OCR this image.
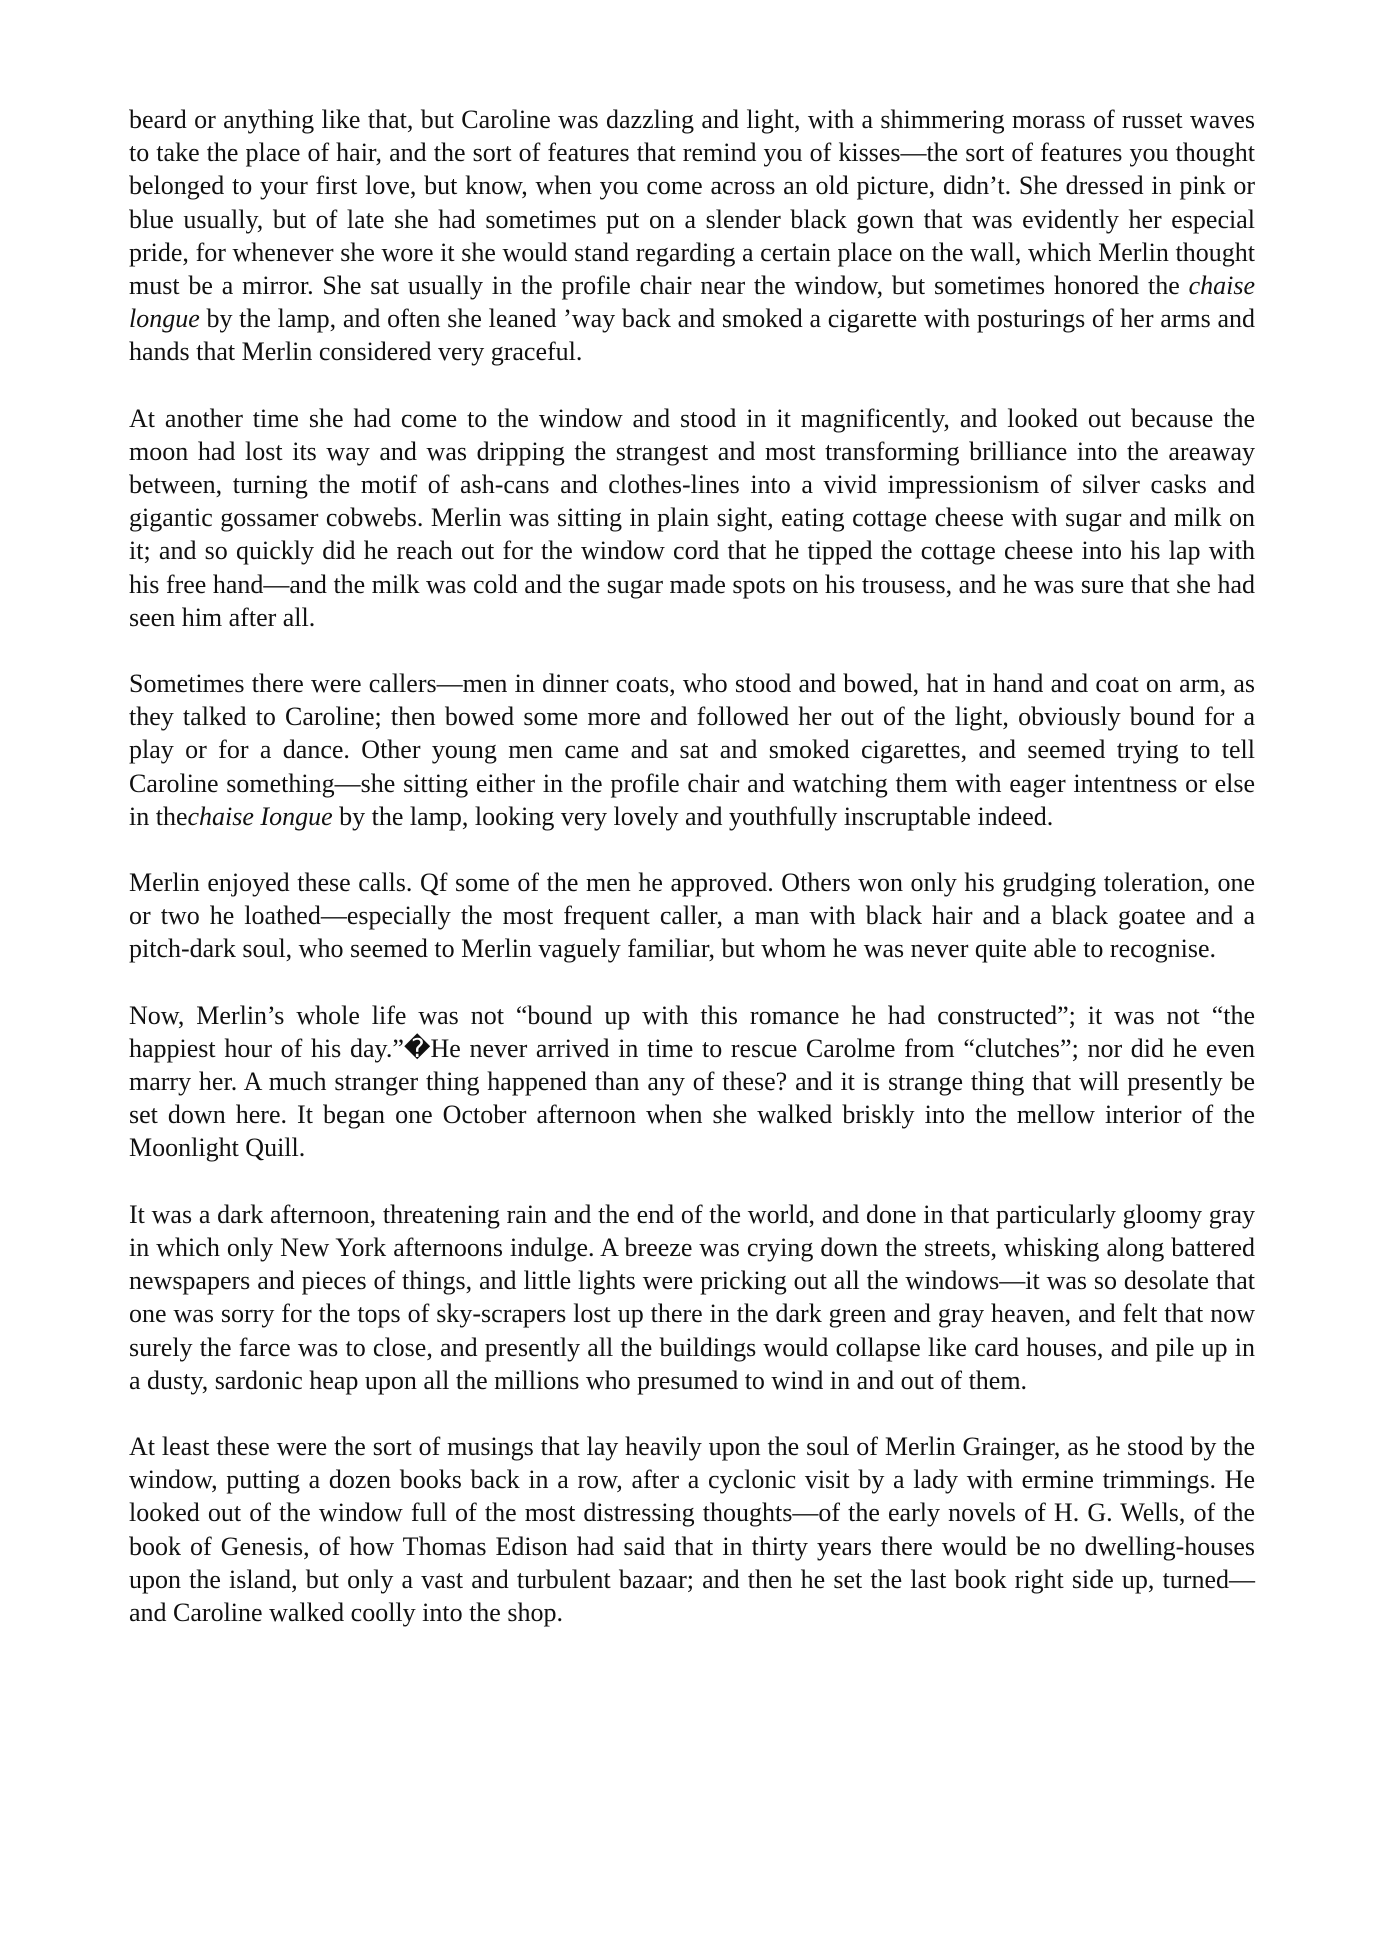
beard or anything like that, but Caroline was dazzling and light, with a shimmering morass of russet waves to take the place of hair, and the sort of features that remind you of kisses—the sort of features you thought belonged to your first love, but know, when you come across an old picture, didn’t. She dressed in pink or blue usually, but of late she had sometimes put on a slender black gown that was evidently her especial pride, for whenever she wore it she would stand regarding a certain place on the wall, which Merlin thought must be a mirror. She sat usually in the profile chair near the window, but sometimes honored the chaise longue by the lamp, and often she leaned ’way back and smoked a cigarette with posturings of her arms and hands that Merlin considered very graceful.

At another time she had come to the window and stood in it magnificently, and looked out because the moon had lost its way and was dripping the strangest and most transforming brilliance into the areaway between, turning the motif of ash-cans and clothes-lines into a vivid impressionism of silver casks and gigantic gossamer cobwebs. Merlin was sitting in plain sight, eating cottage cheese with sugar and milk on it; and so quickly did he reach out for the window cord that he tipped the cottage cheese into his lap with his free hand—and the milk was cold and the sugar made spots on his trousess, and he was sure that she had seen him after all.

Sometimes there were callers—men in dinner coats, who stood and bowed, hat in hand and coat on arm, as they talked to Caroline; then bowed some more and followed her out of the light, obviously bound for a play or for a dance. Other young men came and sat and smoked cigarettes, and seemed trying to tell Caroline something—she sitting either in the profile chair and watching them with eager intentness or else in thechaise Iongue by the lamp, looking very lovely and youthfully inscruptable indeed.

Merlin enjoyed these calls. Qf some of the men he approved. Others won only his grudging toleration, one or two he loathed—especially the most frequent caller, a man with black hair and a black goatee and a pitch-dark soul, who seemed to Merlin vaguely familiar, but whom he was never quite able to recognise.

Now, Merlin’s whole life was not “bound up with this romance he had constructed”; it was not “the happiest hour of his day.”�He never arrived in time to rescue Carolme from “clutches”; nor did he even marry her. A much stranger thing happened than any of these? and it is strange thing that will presently be set down here. It began one October afternoon when she walked briskly into the mellow interior of the Moonlight Quill.

It was a dark afternoon, threatening rain and the end of the world, and done in that particularly gloomy gray in which only New York afternoons indulge. A breeze was crying down the streets, whisking along battered newspapers and pieces of things, and little lights were pricking out all the windows—it was so desolate that one was sorry for the tops of sky-scrapers lost up there in the dark green and gray heaven, and felt that now surely the farce was to close, and presently all the buildings would collapse like card houses, and pile up in a dusty, sardonic heap upon all the millions who presumed to wind in and out of them.

At least these were the sort of musings that lay heavily upon the soul of Merlin Grainger, as he stood by the window, putting a dozen books back in a row, after a cyclonic visit by a lady with ermine trimmings. He looked out of the window full of the most distressing thoughts—of the early novels of H. G. Wells, of the book of Genesis, of how Thomas Edison had said that in thirty years there would be no dwelling-houses upon the island, but only a vast and turbulent bazaar; and then he set the last book right side up, turned—and Caroline walked coolly into the shop.
